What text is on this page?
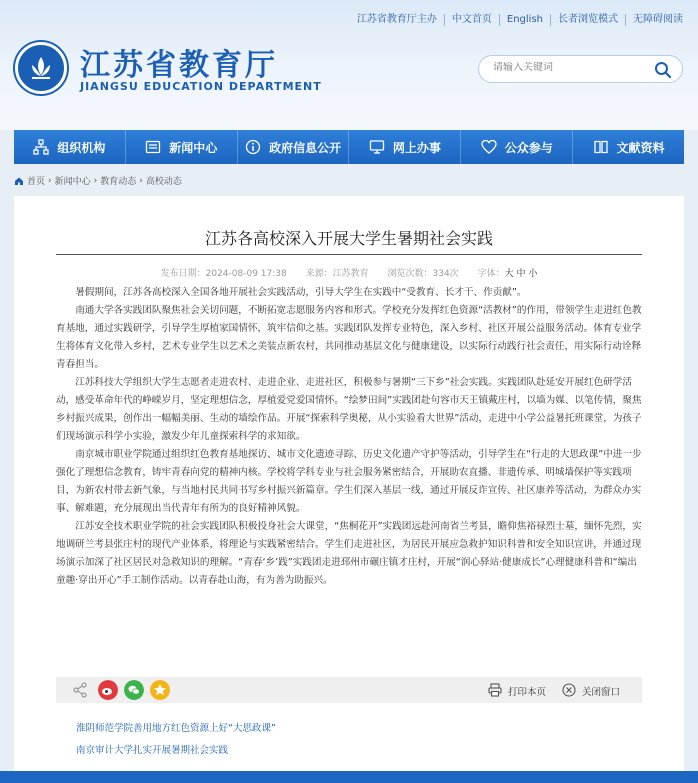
江苏省教育厅主办	中文首页	English	长者浏览模式	无障碍阅读
江苏省教育厅
JIANGSU EDUCATION DEPARTMENT
请输入关键词
组织机构	新闻中心	政府信息公开	网上办事	公众参与	文献资料
首页 › 新闻中心 › 教育动态 › 高校动态
江苏各高校深入开展大学生暑期社会实践
发布日期：2024-08-09 17:38 来源：江苏教育 浏览次数：334次 字体：大 中 小

暑假期间，江苏各高校深入全国各地开展社会实践活动，引导大学生在实践中“受教育、长才干、作贡献”。

南通大学各实践团队聚焦社会关切问题，不断拓宽志愿服务内容和形式。学校充分发挥红色资源“活教材”的作用，带领学生走进红色教育基地，通过实践研学，引导学生厚植家国情怀，筑牢信仰之基。实践团队发挥专业特色，深入乡村、社区开展公益服务活动。体育专业学生将体育文化带入乡村，艺术专业学生以艺术之美装点新农村，共同推动基层文化与健康建设，以实际行动践行社会责任，用实际行动诠释青春担当。

江苏科技大学组织大学生志愿者走进农村、走进企业、走进社区，积极参与暑期“三下乡”社会实践。实践团队赴延安开展红色研学活动，感受革命年代的峥嵘岁月，坚定理想信念，厚植爱党爱国情怀。“绘梦田间”实践团赴句容市天王镇戴庄村，以墙为媒、以笔传情，聚焦乡村振兴成果，创作出一幅幅美丽、生动的墙绘作品。开展“探索科学奥秘，从小实验看大世界”活动，走进中小学公益暑托班课堂，为孩子们现场演示科学小实验，激发少年儿童探索科学的求知欲。

南京城市职业学院通过组织红色教育基地探访、城市文化遗迹寻踪、历史文化遗产守护等活动，引导学生在“行走的大思政课”中进一步强化了理想信念教育，铸牢青春向党的精神内核。学校将学科专业与社会服务紧密结合，开展助农直播、非遗传承、明城墙保护等实践项目，为新农村带去新气象，与当地村民共同书写乡村振兴新篇章。学生们深入基层一线，通过开展反诈宣传、社区康养等活动，为群众办实事、解难题，充分展现出当代青年有所为的良好精神风貌。

江苏安全技术职业学院的社会实践团队积极投身社会大课堂，“焦桐花开”实践团远赴河南省兰考县，瞻仰焦裕禄烈士墓，缅怀先烈，实地调研兰考县张庄村的现代产业体系，将理论与实践紧密结合。学生们走进社区，为居民开展应急救护知识科普和安全知识宣讲，并通过现场演示加深了社区居民对急救知识的理解。“青春‘乡’践”实践团走进邳州市碾庄镇才庄村，开展“润心驿站·健康成长”心理健康科普和“编出童趣·穿出开心”手工制作活动。以青春赴山海，有为善为助振兴。

打印本页	关闭窗口
淮阴师范学院善用地方红色资源上好“大思政课”
南京审计大学扎实开展暑期社会实践
